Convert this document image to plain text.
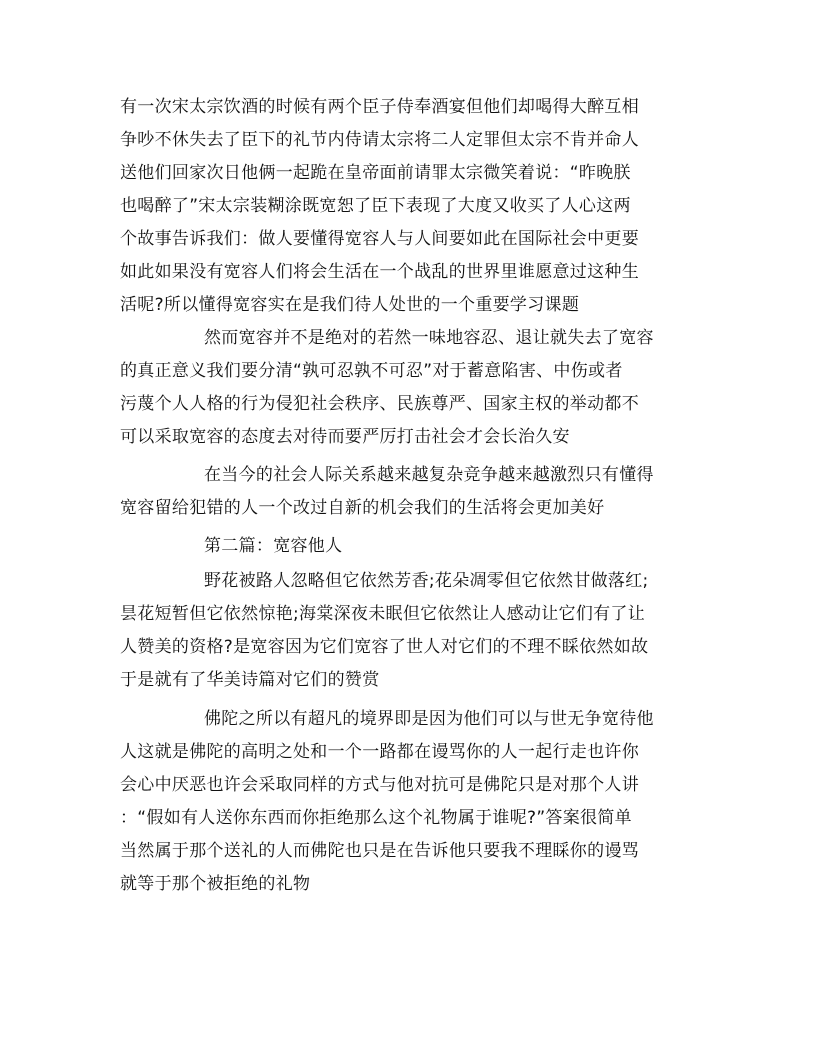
有一次宋太宗饮酒的时候有两个臣子侍奉酒宴但他们却喝得大醉互相
争吵不休失去了臣下的礼节内侍请太宗将二人定罪但太宗不肯并命人
送他们回家次日他俩一起跪在皇帝面前请罪太宗微笑着说：“昨晚朕
也喝醉了”宋太宗装糊涂既宽恕了臣下表现了大度又收买了人心这两
个故事告诉我们：做人要懂得宽容人与人间要如此在国际社会中更要
如此如果没有宽容人们将会生活在一个战乱的世界里谁愿意过这种生
活呢?所以懂得宽容实在是我们待人处世的一个重要学习课题
然而宽容并不是绝对的若然一味地容忍、退让就失去了宽容
的真正意义我们要分清“孰可忍孰不可忍”对于蓄意陷害、中伤或者
污蔑个人人格的行为侵犯社会秩序、民族尊严、国家主权的举动都不
可以采取宽容的态度去对待而要严厉打击社会才会长治久安
在当今的社会人际关系越来越复杂竞争越来越激烈只有懂得
宽容留给犯错的人一个改过自新的机会我们的生活将会更加美好
第二篇：宽容他人
野花被路人忽略但它依然芳香;花朵凋零但它依然甘做落红;
昙花短暂但它依然惊艳;海棠深夜未眠但它依然让人感动让它们有了让
人赞美的资格?是宽容因为它们宽容了世人对它们的不理不睬依然如故
于是就有了华美诗篇对它们的赞赏
佛陀之所以有超凡的境界即是因为他们可以与世无争宽待他
人这就是佛陀的高明之处和一个一路都在谩骂你的人一起行走也许你
会心中厌恶也许会采取同样的方式与他对抗可是佛陀只是对那个人讲
：“假如有人送你东西而你拒绝那么这个礼物属于谁呢?”答案很简单
当然属于那个送礼的人而佛陀也只是在告诉他只要我不理睬你的谩骂
就等于那个被拒绝的礼物
